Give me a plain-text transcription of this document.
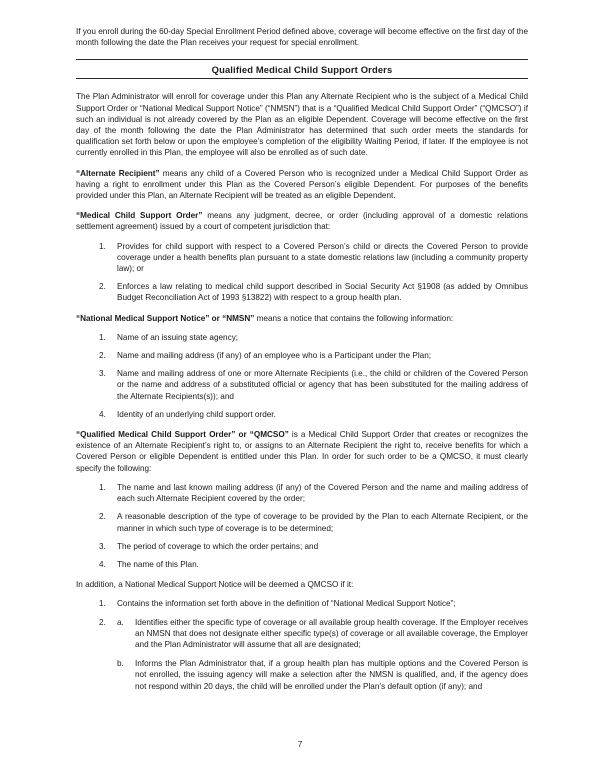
If you enroll during the 60-day Special Enrollment Period defined above, coverage will become effective on the first day of the month following the date the Plan receives your request for special enrollment.

Qualified Medical Child Support Orders

The Plan Administrator will enroll for coverage under this Plan any Alternate Recipient who is the subject of a Medical Child Support Order or “National Medical Support Notice” (“NMSN”) that is a “Qualified Medical Child Support Order” (“QMCSO”) if such an individual is not already covered by the Plan as an eligible Dependent. Coverage will become effective on the first day of the month following the date the Plan Administrator has determined that such order meets the standards for qualification set forth below or upon the employee’s completion of the eligibility Waiting Period, if later. If the employee is not currently enrolled in this Plan, the employee will also be enrolled as of such date.

“Alternate Recipient” means any child of a Covered Person who is recognized under a Medical Child Support Order as having a right to enrollment under this Plan as the Covered Person’s eligible Dependent. For purposes of the benefits provided under this Plan, an Alternate Recipient will be treated as an eligible Dependent.

“Medical Child Support Order” means any judgment, decree, or order (including approval of a domestic relations settlement agreement) issued by a court of competent jurisdiction that:

1.	Provides for child support with respect to a Covered Person’s child or directs the Covered Person to provide coverage under a health benefits plan pursuant to a state domestic relations law (including a community property law); or
2.	Enforces a law relating to medical child support described in Social Security Act §1908 (as added by Omnibus Budget Reconciliation Act of 1993 §13822) with respect to a group health plan.

“National Medical Support Notice” or “NMSN” means a notice that contains the following information:

1.	Name of an issuing state agency;
2.	Name and mailing address (if any) of an employee who is a Participant under the Plan;
3.	Name and mailing address of one or more Alternate Recipients (i.e., the child or children of the Covered Person or the name and address of a substituted official or agency that has been substituted for the mailing address of the Alternate Recipients(s)); and
4.	Identity of an underlying child support order.

“Qualified Medical Child Support Order” or “QMCSO” is a Medical Child Support Order that creates or recognizes the existence of an Alternate Recipient’s right to, or assigns to an Alternate Recipient the right to, receive benefits for which a Covered Person or eligible Dependent is entitled under this Plan. In order for such order to be a QMCSO, it must clearly specify the following:

1.	The name and last known mailing address (if any) of the Covered Person and the name and mailing address of each such Alternate Recipient covered by the order;
2.	A reasonable description of the type of coverage to be provided by the Plan to each Alternate Recipient, or the manner in which such type of coverage is to be determined;
3.	The period of coverage to which the order pertains; and
4.	The name of this Plan.

In addition, a National Medical Support Notice will be deemed a QMCSO if it:

1.	Contains the information set forth above in the definition of “National Medical Support Notice”;
2.	a.	Identifies either the specific type of coverage or all available group health coverage. If the Employer receives an NMSN that does not designate either specific type(s) of coverage or all available coverage, the Employer and the Plan Administrator will assume that all are designated;
b.	Informs the Plan Administrator that, if a group health plan has multiple options and the Covered Person is not enrolled, the issuing agency will make a selection after the NMSN is qualified, and, if the agency does not respond within 20 days, the child will be enrolled under the Plan’s default option (if any); and
7
